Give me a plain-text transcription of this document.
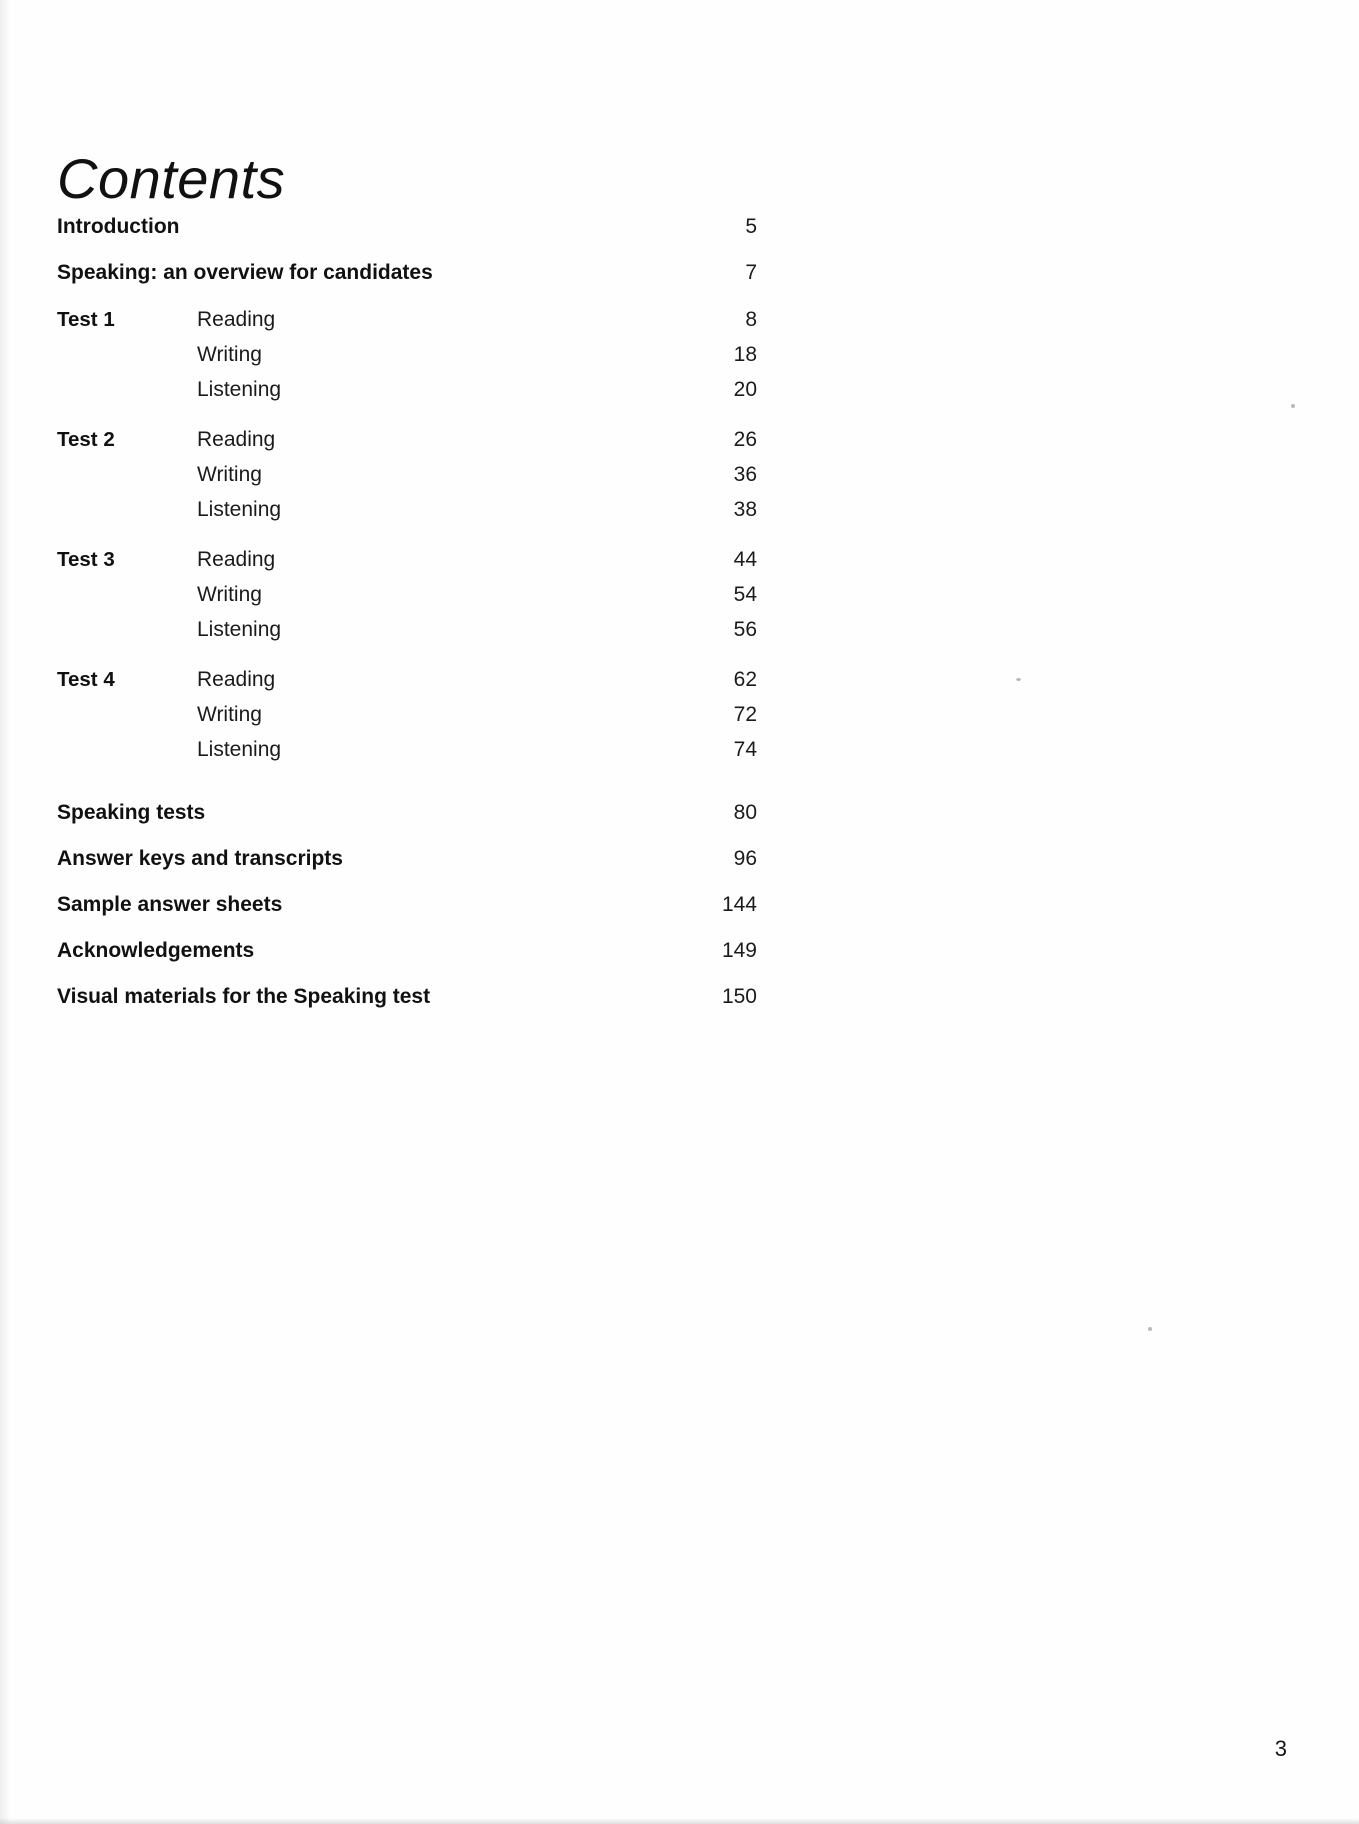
Contents
Introduction	5
Speaking: an overview for candidates	7
Test 1	Reading	8
Writing	18
Listening	20
Test 2	Reading	26
Writing	36
Listening	38
Test 3	Reading	44
Writing	54
Listening	56
Test 4	Reading	62
Writing	72
Listening	74
Speaking tests	80
Answer keys and transcripts	96
Sample answer sheets	144
Acknowledgements	149
Visual materials for the Speaking test	150
3
